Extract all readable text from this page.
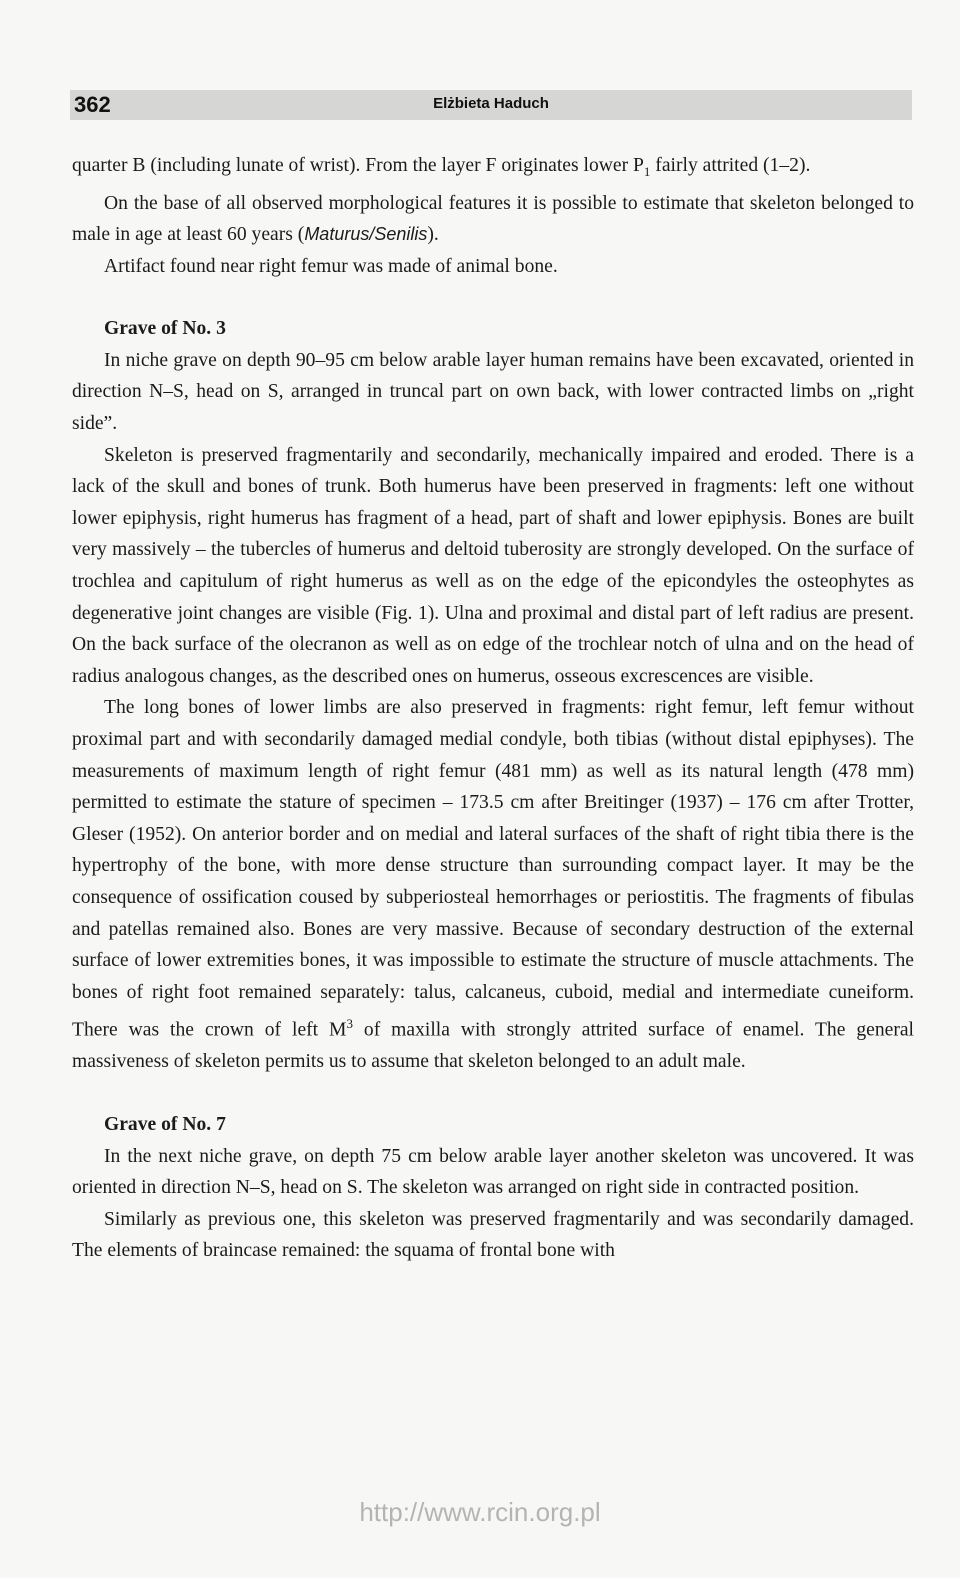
362	Elżbieta Haduch

quarter B (including lunate of wrist). From the layer F originates lower $P_1$ fairly attrited (1–2).

On the base of all observed morphological features it is possible to estimate that skeleton belonged to male in age at least 60 years (Maturus/Senilis).

Artifact found near right femur was made of animal bone.

Grave of No. 3

In niche grave on depth 90–95 cm below arable layer human remains have been excavated, oriented in direction N–S, head on S, arranged in truncal part on own back, with lower contracted limbs on „right side”.

Skeleton is preserved fragmentarily and secondarily, mechanically impaired and eroded. There is a lack of the skull and bones of trunk. Both humerus have been preserved in fragments: left one without lower epiphysis, right humerus has fragment of a head, part of shaft and lower epiphysis. Bones are built very massively – the tubercles of humerus and deltoid tuberosity are strongly developed. On the surface of trochlea and capitulum of right humerus as well as on the edge of the epicondyles the osteophytes as degenerative joint changes are visible (Fig. 1). Ulna and proximal and distal part of left radius are present. On the back surface of the olecranon as well as on edge of the trochlear notch of ulna and on the head of radius analogous changes, as the described ones on humerus, osseous excrescences are visible.

The long bones of lower limbs are also preserved in fragments: right femur, left femur without proximal part and with secondarily damaged medial condyle, both tibias (without distal epiphyses). The measurements of maximum length of right femur (481 mm) as well as its natural length (478 mm) permitted to estimate the stature of specimen – 173.5 cm after Breitinger (1937) – 176 cm after Trotter, Gleser (1952). On anterior border and on medial and lateral surfaces of the shaft of right tibia there is the hypertrophy of the bone, with more dense structure than surrounding compact layer. It may be the consequence of ossification coused by subperiosteal hemorrhages or periostitis. The fragments of fibulas and patellas remained also. Bones are very massive. Because of secondary destruction of the external surface of lower extremities bones, it was impossible to estimate the structure of muscle attachments. The bones of right foot remained separately: talus, calcaneus, cuboid, medial and intermediate cuneiform. There was the crown of left $M^3$ of maxilla with strongly attrited surface of enamel. The general massiveness of skeleton permits us to assume that skeleton belonged to an adult male.

Grave of No. 7

In the next niche grave, on depth 75 cm below arable layer another skeleton was uncovered. It was oriented in direction N–S, head on S. The skeleton was arranged on right side in contracted position.

Similarly as previous one, this skeleton was preserved fragmentarily and was secondarily damaged. The elements of braincase remained: the squama of frontal bone with

http://www.rcin.org.pl
